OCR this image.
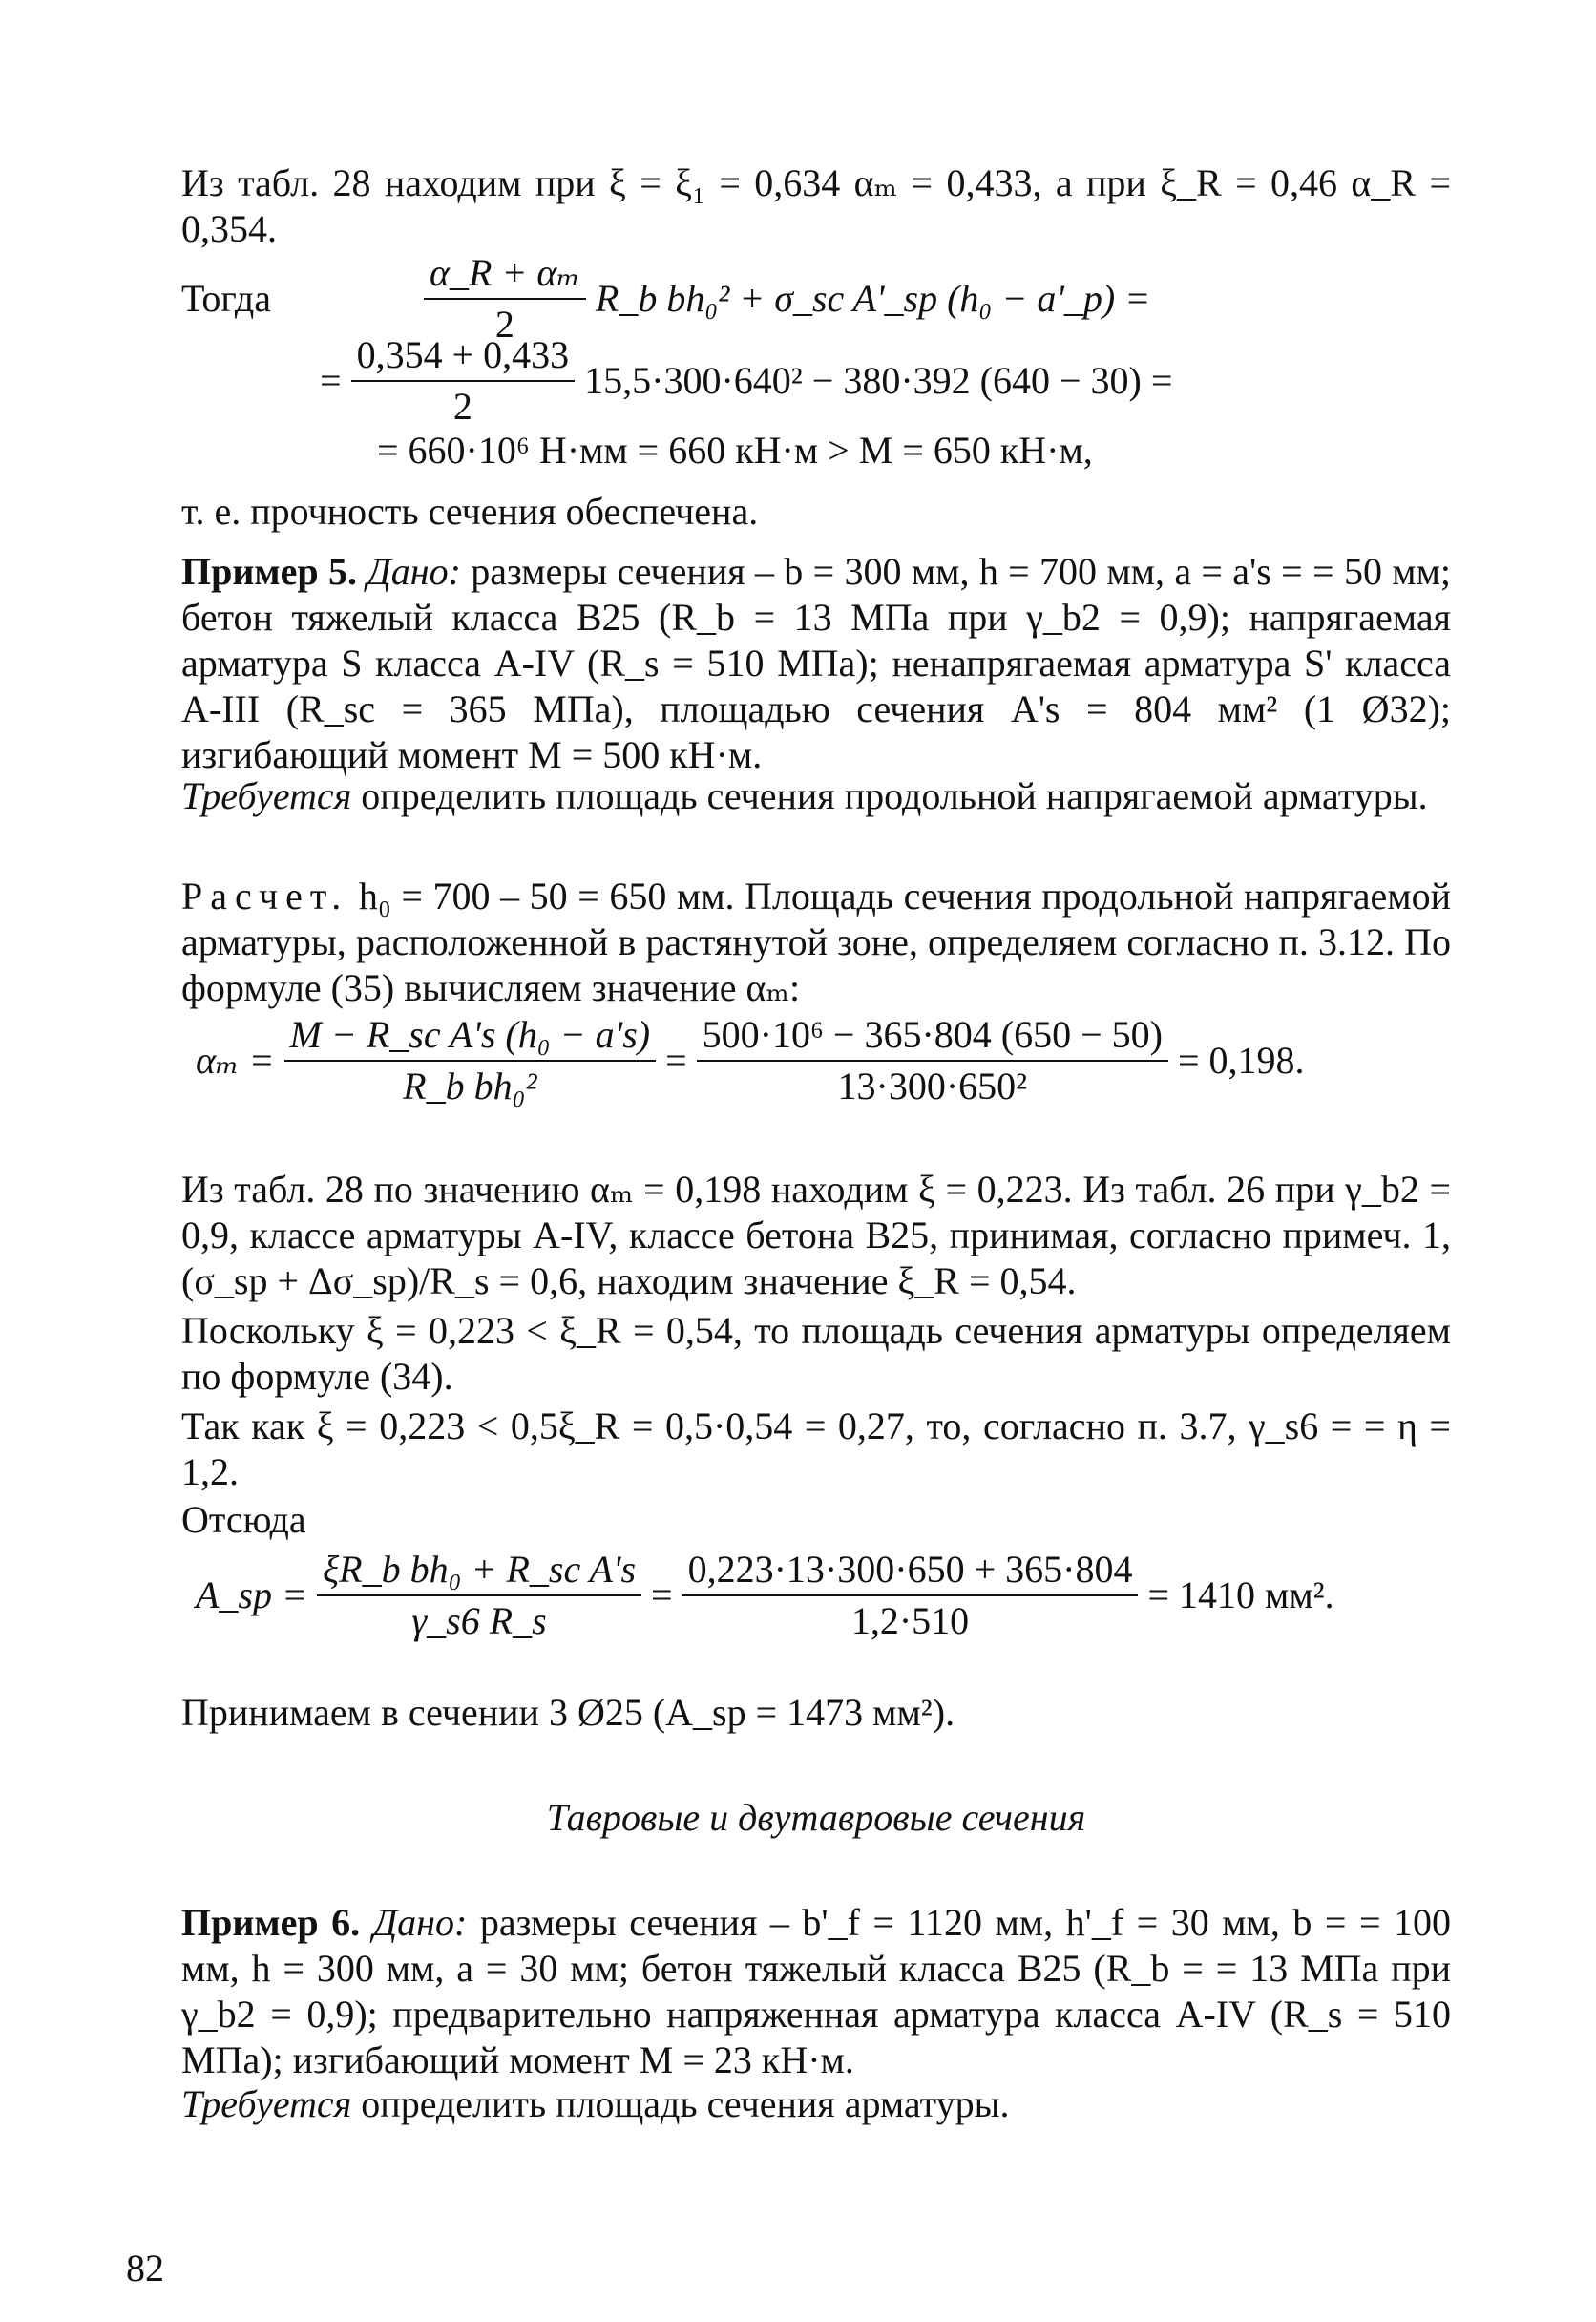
Из табл. 28 находим при ξ = ξ₁ = 0,634 αₘ = 0,433, а при ξ_R = 0,46 α_R = 0,354.
Тогда	$\frac{\text{α\_R + αₘ}}{2}$ R_b bh₀² + σ_sc A'_sp (h₀ − a'_p) =
= $\frac{0,354 + 0,433}{2} 15,5\cdot 300\cdot 640^2 - 380\cdot 392$ (640 − 30) =
= 660·10⁶ Н·мм = 660 кН·м > M = 650 кН·м,
т. е. прочность сечения обеспечена.
Пример 5. Дано: размеры сечения – b = 300 мм, h = 700 мм, a = a's = = 50 мм; бетон тяжелый класса В25 (R_b = 13 МПа при γ_b2 = 0,9); напрягаемая арматура S класса A-IV (R_s = 510 МПа); ненапрягаемая арматура S' класса A-III (R_sc = 365 МПа), площадью сечения A's = 804 мм² (1 Ø32); изгибающий момент M = 500 кН·м.
Требуется определить площадь сечения продольной напрягаемой арматуры.
Расчет. h₀ = 700 – 50 = 650 мм. Площадь сечения продольной напрягаемой арматуры, расположенной в растянутой зоне, определяем согласно п. 3.12. По формуле (35) вычисляем значение αₘ:
$\alpha_m = \frac{\text{M − R\_sc A's (h₀ − a's)}}{\text{R\_b bh₀²}} = \frac{\text{500·10⁶ − 365·804 (650 − 50)}}{\text{13·300·650²}} = 0,198$.
Из табл. 28 по значению αₘ = 0,198 находим ξ = 0,223. Из табл. 26 при γ_b2 = 0,9, классе арматуры A-IV, классе бетона В25, принимая, согласно примеч. 1, (σ_sp + Δσ_sp)/R_s = 0,6, находим значение ξ_R = 0,54.
Поскольку ξ = 0,223 < ξ_R = 0,54, то площадь сечения арматуры определяем по формуле (34).
Так как ξ = 0,223 < 0,5ξ_R = 0,5·0,54 = 0,27, то, согласно п. 3.7, γ_s6 = = η = 1,2.
Отсюда
A_sp = $\frac{\text{ξR\_b bh₀ + R\_sc A's}}{\gamma\_s6 R\_s} = \frac{0,223\cdot 13\cdot 300\cdot 650 + 365\cdot 804}{1,2\cdot 510} = 1410$ мм².
Принимаем в сечении 3 Ø25 (A_sp = 1473 мм²).
Тавровые и двутавровые сечения
Пример 6. Дано: размеры сечения – b'_f = 1120 мм, h'_f = 30 мм, b = = 100 мм, h = 300 мм, a = 30 мм; бетон тяжелый класса В25 (R_b = = 13 МПа при γ_b2 = 0,9); предварительно напряженная арматура класса A-IV (R_s = 510 МПа); изгибающий момент M = 23 кН·м.
Требуется определить площадь сечения арматуры.
82
